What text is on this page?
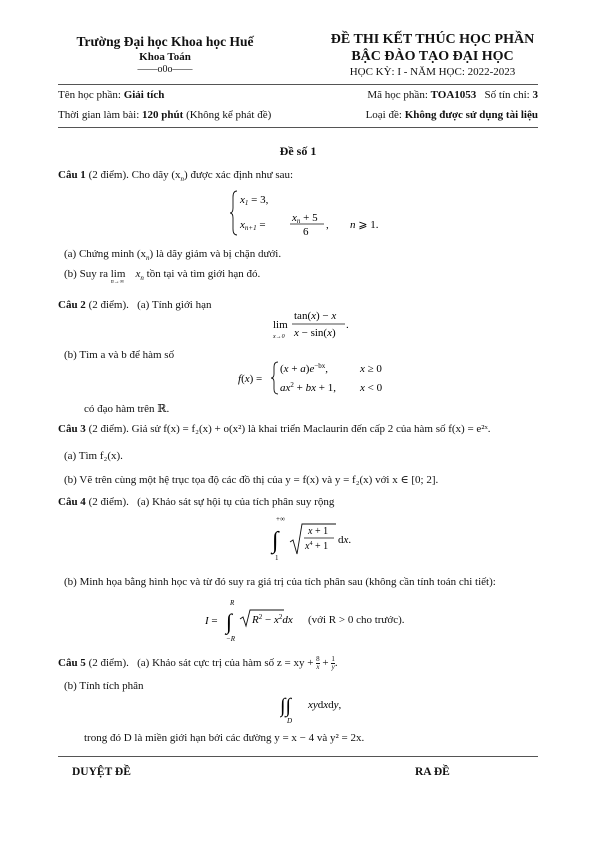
Trường Đại học Khoa học Huế
Khoa Toán
——o0o——
ĐỀ THI KẾT THÚC HỌC PHẦN
BẬC ĐÀO TẠO ĐẠI HỌC
HỌC KỲ: I - NĂM HỌC: 2022-2023
Tên học phần: Giải tích	Mã học phần: TOA1053 Số tín chỉ: 3
Thời gian làm bài: 120 phút (Không kể phát đề)	Loại đề: Không được sử dụng tài liệu
Đề số 1
Câu 1 (2 điểm). Cho dãy $(x_n)$ được xác định như sau:
x1 = 3,
xn+1 =
xn + 5
6
, n ⩾ 1.
(a) Chứng minh $(x_n)$ là dãy giảm và bị chặn dưới.
(b) Suy ra lim
n→∞
$x_n$ tồn tại và tìm giới hạn đó.
Câu 2 (2 điểm). (a) Tính giới hạn
lim
x→0
tan(x) − x
x − sin(x)
.
(b) Tìm a và b để hàm số
f(x) =
$(x + a)e^{-bx}$,	x ≥ 0
$ax^2$ + bx + 1, x < 0
có đạo hàm trên ℝ.
Câu 3 (2 điểm). Giả sử f(x) = f₂(x) + o(x²) là khai triển Maclaurin đến cấp 2 của hàm số f(x) = e²ˣ.
(a) Tìm f₂(x).
(b) Vẽ trên cùng một hệ trục tọa độ các đồ thị của y = f(x) và y = f₂(x) với x ∈ [0; 2].
Câu 4 (2 điểm). (a) Khảo sát sự hội tụ của tích phân suy rộng
+∞
∫
1
x + 1
$x^4 + 1$
dx.
(b) Minh họa bằng hình học và từ đó suy ra giá trị của tích phân sau (không cần tính toán chi tiết):
I =
R
∫
−R
$R^2 - x^2dx$ (với R > 0 cho trước).
Câu 5 (2 điểm). (a) Khảo sát cực trị của hàm số z = xy + $\frac{8}{x} + \frac{1}{y}$.
(b) Tính tích phân
∫∫
D
xydxdy,
trong đó D là miền giới hạn bởi các đường y = x − 4 và y² = 2x.
DUYỆT ĐỀ	RA ĐỀ
